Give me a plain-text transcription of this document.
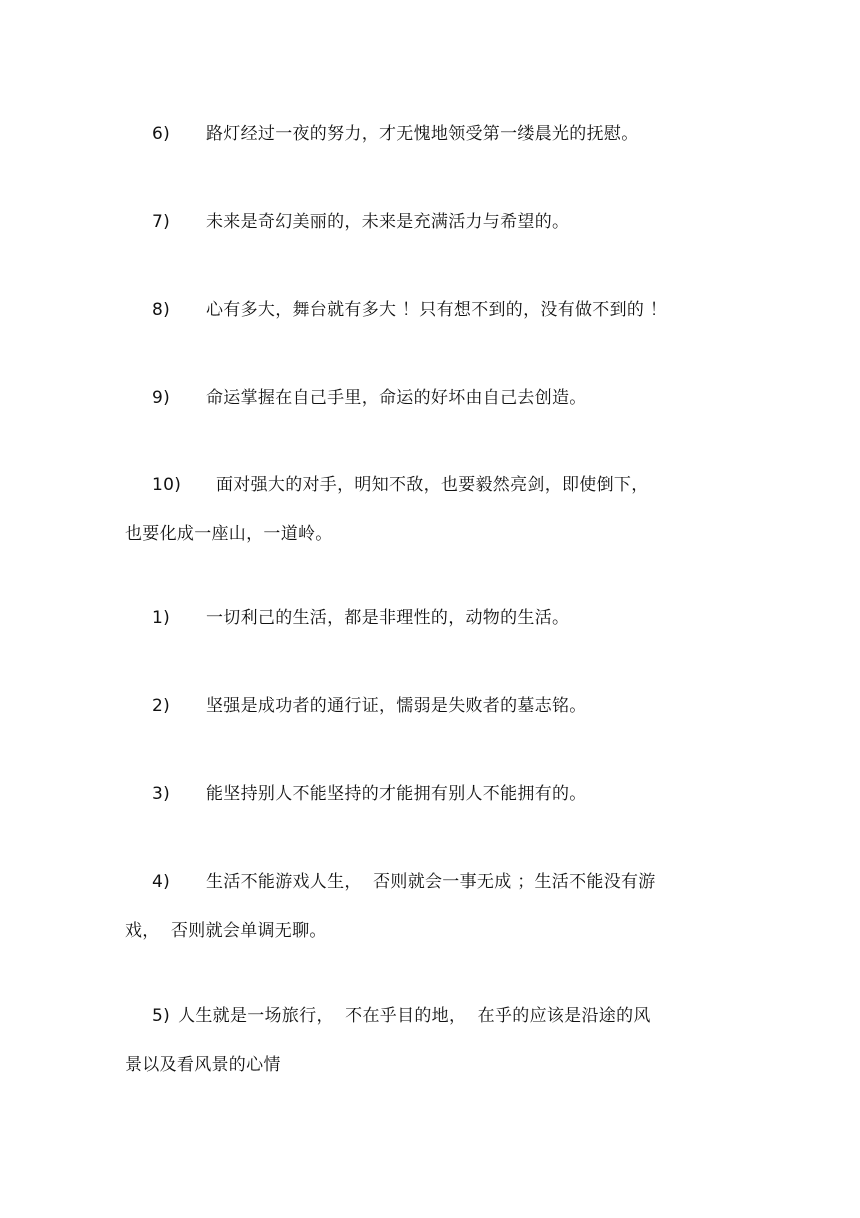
6) 路灯经过一夜的努力，才无愧地领受第一缕晨光的抚慰。
7) 未来是奇幻美丽的，未来是充满活力与希望的。
8) 心有多大，舞台就有多大 ！只有想不到的，没有做不到的 ！
9) 命运掌握在自己手里，命运的好坏由自己去创造。
10) 面对强大的对手，明知不敌，也要毅然亮剑，即使倒下，
也要化成一座山，一道岭。
1) 一切利己的生活，都是非理性的，动物的生活。
2) 坚强是成功者的通行证，懦弱是失败者的墓志铭。
3) 能坚持别人不能坚持的才能拥有别人不能拥有的。
4) 生活不能游戏人生，  否则就会一事无成 ；生活不能没有游
戏，  否则就会单调无聊。
5) 人生就是一场旅行，  不在乎目的地，  在乎的应该是沿途的风
景以及看风景的心情
